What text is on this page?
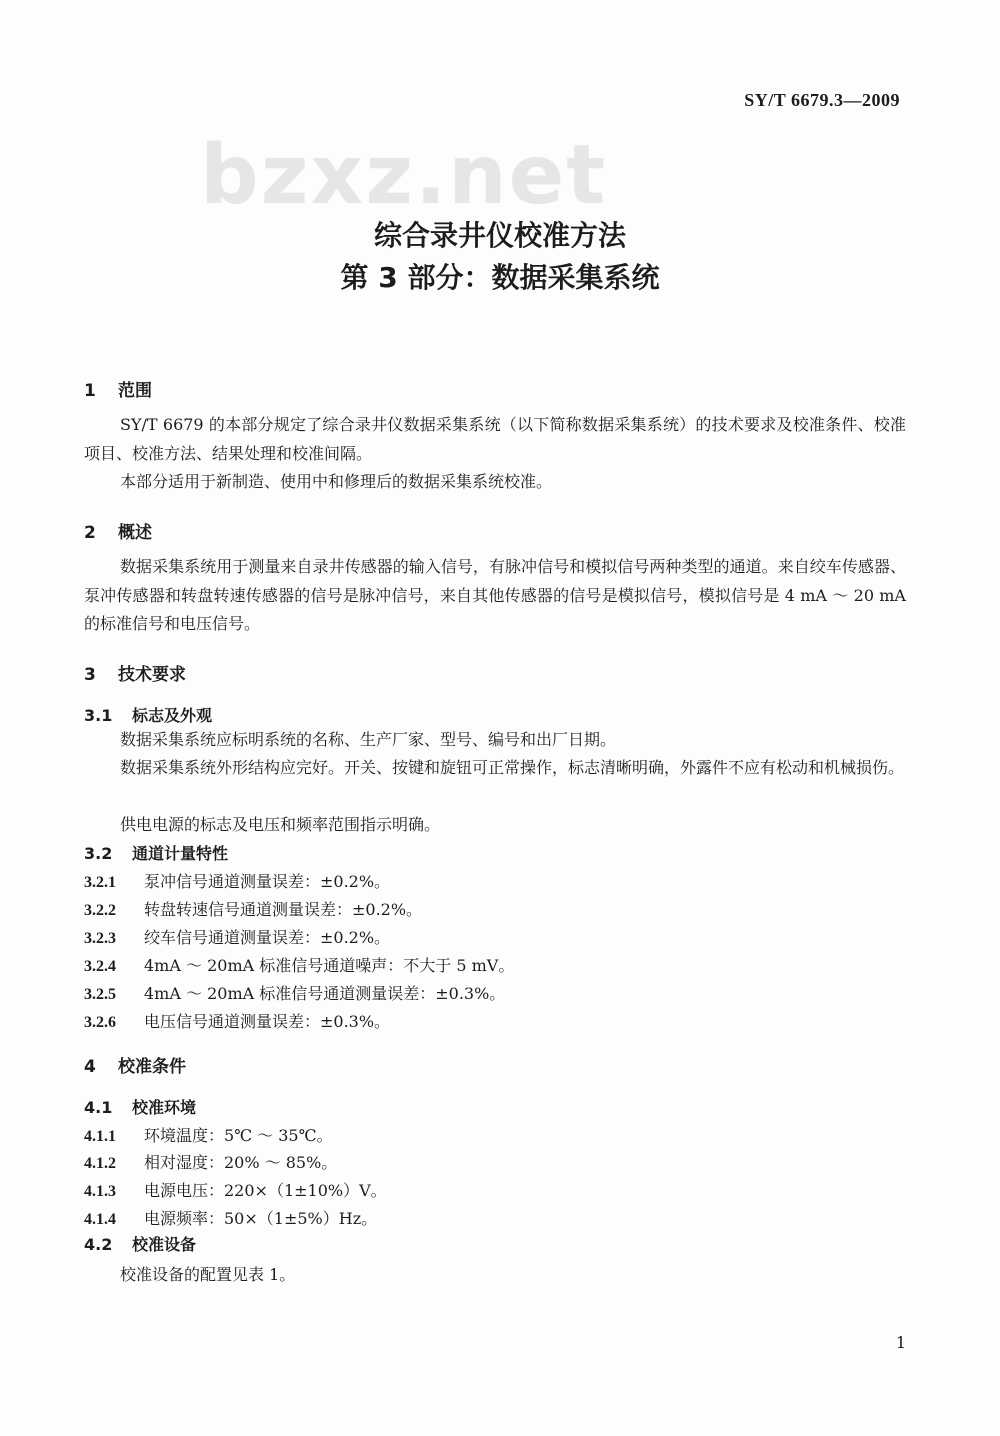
SY/T 6679.3—2009
bzxz.net
综合录井仪校准方法
第 3 部分：数据采集系统
1 范围
SY/T 6679 的本部分规定了综合录井仪数据采集系统（以下简称数据采集系统）的技术要求及校准条件、校准项目、校准方法、结果处理和校准间隔。
本部分适用于新制造、使用中和修理后的数据采集系统校准。
2 概述
数据采集系统用于测量来自录井传感器的输入信号，有脉冲信号和模拟信号两种类型的通道。来自绞车传感器、泵冲传感器和转盘转速传感器的信号是脉冲信号，来自其他传感器的信号是模拟信号，模拟信号是 4 mA ～ 20 mA 的标准信号和电压信号。
3 技术要求
3.1 标志及外观
数据采集系统应标明系统的名称、生产厂家、型号、编号和出厂日期。
数据采集系统外形结构应完好。开关、按键和旋钮可正常操作，标志清晰明确，外露件不应有松动和机械损伤。
供电电源的标志及电压和频率范围指示明确。
3.2 通道计量特性
3.2.1 泵冲信号通道测量误差：±0.2%。
3.2.2 转盘转速信号通道测量误差：±0.2%。
3.2.3 绞车信号通道测量误差：±0.2%。
3.2.4 4mA ～ 20mA 标准信号通道噪声：不大于 5 mV。
3.2.5 4mA ～ 20mA 标准信号通道测量误差：±0.3%。
3.2.6 电压信号通道测量误差：±0.3%。
4 校准条件
4.1 校准环境
4.1.1 环境温度：5℃ ～ 35℃。
4.1.2 相对湿度：20% ～ 85%。
4.1.3 电源电压：220×（1±10%）V。
4.1.4 电源频率：50×（1±5%）Hz。
4.2 校准设备
校准设备的配置见表 1。
1
